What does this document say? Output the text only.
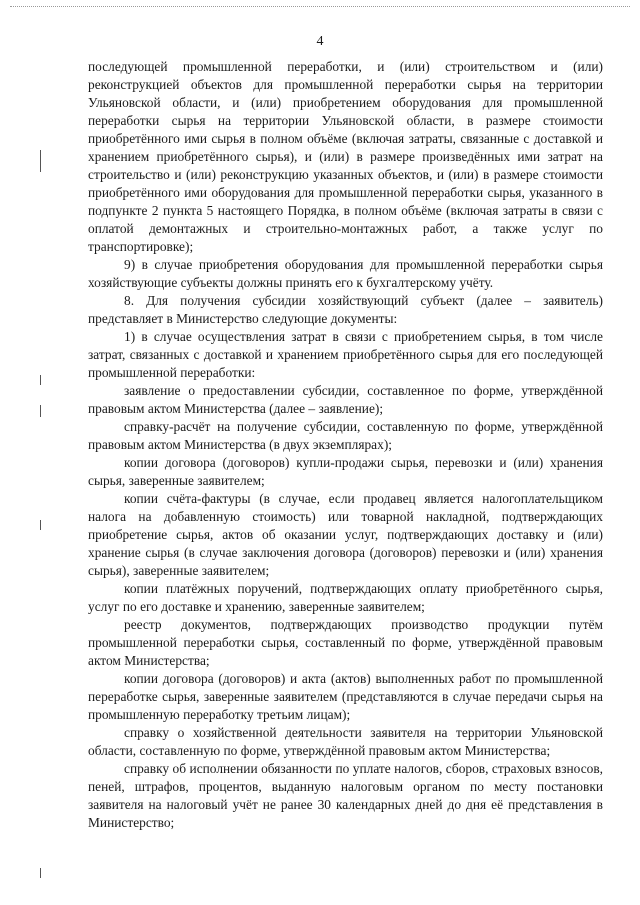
4

последующей промышленной переработки, и (или) строительством и (или) реконструкцией объектов для промышленной переработки сырья на территории Ульяновской области, и (или) приобретением оборудования для промышленной переработки сырья на территории Ульяновской области, в размере стоимости приобретённого ими сырья в полном объёме (включая затраты, связанные с доставкой и хранением приобретённого сырья), и (или) в размере произведённых ими затрат на строительство и (или) реконструкцию указанных объектов, и (или) в размере стоимости приобретённого ими оборудования для промышленной переработки сырья, указанного в подпункте 2 пункта 5 настоящего Порядка, в полном объёме (включая затраты в связи с оплатой демонтажных и строительно-монтажных работ, а также услуг по транспортировке);

9) в случае приобретения оборудования для промышленной переработки сырья хозяйствующие субъекты должны принять его к бухгалтерскому учёту.

8. Для получения субсидии хозяйствующий субъект (далее – заявитель) представляет в Министерство следующие документы:

1) в случае осуществления затрат в связи с приобретением сырья, в том числе затрат, связанных с доставкой и хранением приобретённого сырья для его последующей промышленной переработки:

заявление о предоставлении субсидии, составленное по форме, утверждённой правовым актом Министерства (далее – заявление);

справку-расчёт на получение субсидии, составленную по форме, утверждённой правовым актом Министерства (в двух экземплярах);

копии договора (договоров) купли-продажи сырья, перевозки и (или) хранения сырья, заверенные заявителем;

копии счёта-фактуры (в случае, если продавец является налогоплательщиком налога на добавленную стоимость) или товарной накладной, подтверждающих приобретение сырья, актов об оказании услуг, подтверждающих доставку и (или) хранение сырья (в случае заключения договора (договоров) перевозки и (или) хранения сырья), заверенные заявителем;

копии платёжных поручений, подтверждающих оплату приобретённого сырья, услуг по его доставке и хранению, заверенные заявителем;

реестр документов, подтверждающих производство продукции путём промышленной переработки сырья, составленный по форме, утверждённой правовым актом Министерства;

копии договора (договоров) и акта (актов) выполненных работ по промышленной переработке сырья, заверенные заявителем (представляются в случае передачи сырья на промышленную переработку третьим лицам);

справку о хозяйственной деятельности заявителя на территории Ульяновской области, составленную по форме, утверждённой правовым актом Министерства;

справку об исполнении обязанности по уплате налогов, сборов, страховых взносов, пеней, штрафов, процентов, выданную налоговым органом по месту постановки заявителя на налоговый учёт не ранее 30 календарных дней до дня её представления в Министерство;
